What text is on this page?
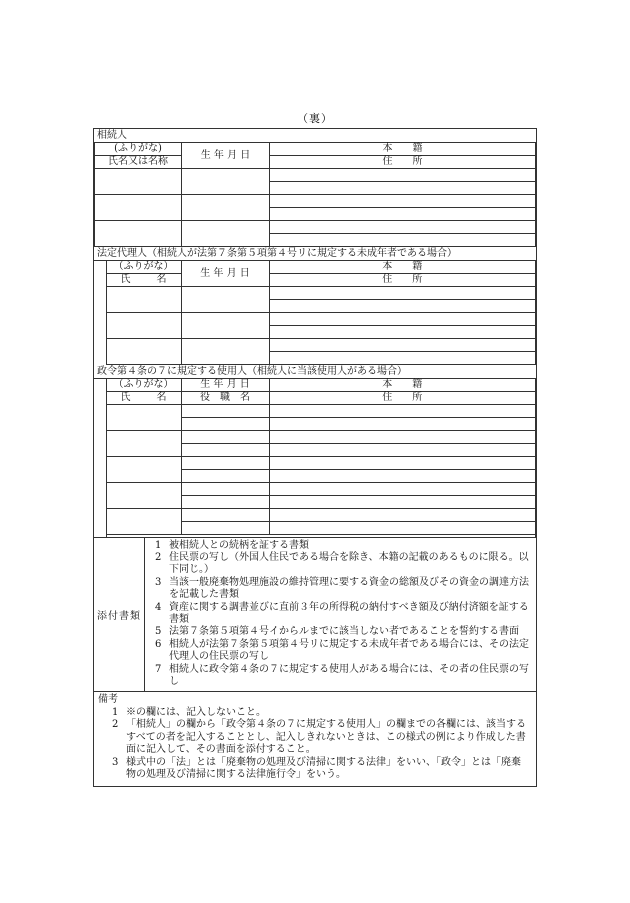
（裏）
相続人
(ふりがな)	生 年 月 日	本　　籍
氏名又は名称		住　　所

法定代理人（相続人が法第７条第５項第４号リに規定する未成年者である場合）
	（ふりがな）	生 年 月 日	本　　籍
	氏　　名		住　　所

政令第４条の７に規定する使用人（相続人に当該使用人がある場合）
	（ふりがな）	生 年 月 日	本　　籍
	氏　　名	役　職　名	住　　所

添付書類
1 被相続人との続柄を証する書類
2 住民票の写し（外国人住民である場合を除き、本籍の記載のあるものに限る。以下同じ。）
3 当該一般廃棄物処理施設の維持管理に要する資金の総額及びその資金の調達方法を記載した書類
4 資産に関する調書並びに直前３年の所得税の納付すべき額及び納付済額を証する書類
5 法第７条第５項第４号イからルまでに該当しない者であることを誓約する書面
6 相続人が法第７条第５項第４号リに規定する未成年者である場合には、その法定代理人の住民票の写し
7 相続人に政令第４条の７に規定する使用人がある場合には、その者の住民票の写し
備考
1 ※の欄には、記入しないこと。
2 「相続人」の欄から「政令第４条の７に規定する使用人」の欄までの各欄には、該当するすべての者を記入することとし、記入しきれないときは、この様式の例により作成した書面に記入して、その書面を添付すること。
3 様式中の「法」とは「廃棄物の処理及び清掃に関する法律」をいい、「政令」とは「廃棄物の処理及び清掃に関する法律施行令」をいう。
